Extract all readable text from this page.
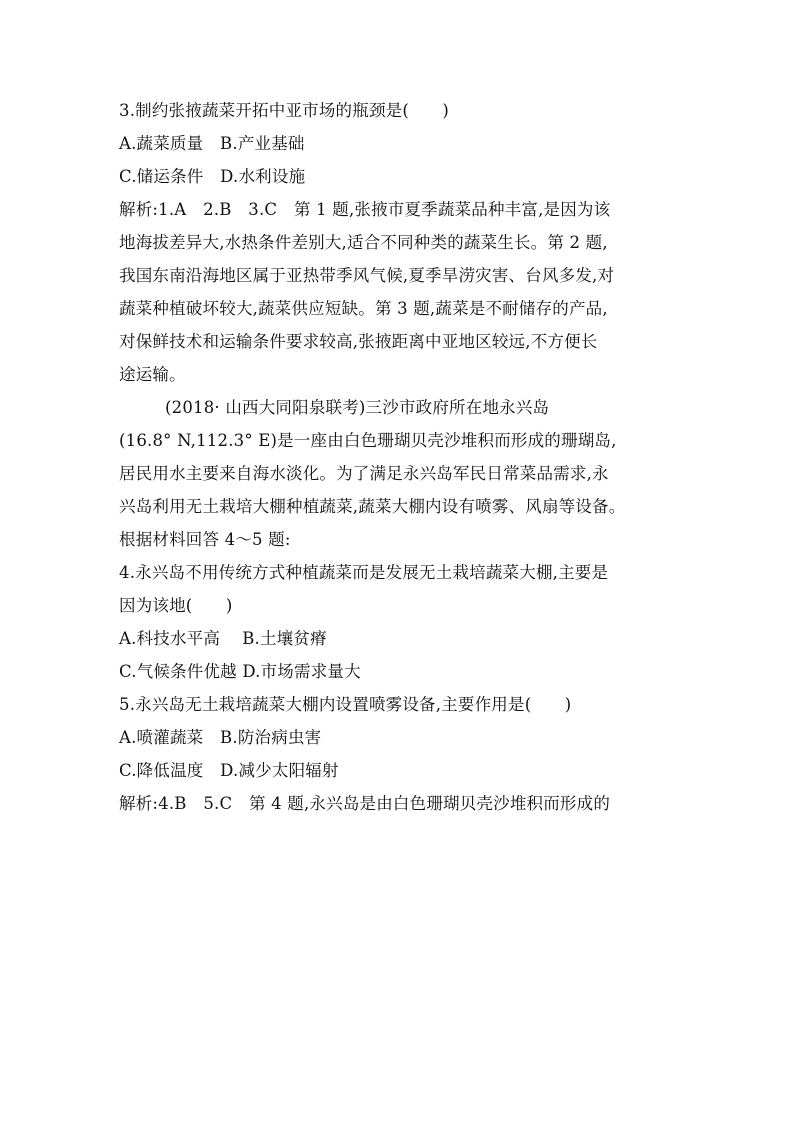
3.制约张掖蔬菜开拓中亚市场的瓶颈是(　　)

A.蔬菜质量　B.产业基础

C.储运条件　D.水利设施

解析:1.A　2.B　3.C　第 1 题,张掖市夏季蔬菜品种丰富,是因为该

地海拔差异大,水热条件差别大,适合不同种类的蔬菜生长。第 2 题,

我国东南沿海地区属于亚热带季风气候,夏季旱涝灾害、台风多发,对

蔬菜种植破坏较大,蔬菜供应短缺。第 3 题,蔬菜是不耐储存的产品,

对保鲜技术和运输条件要求较高,张掖距离中亚地区较远,不方便长

途运输。

(2018· 山西大同阳泉联考)三沙市政府所在地永兴岛

(16.8° N,112.3° E)是一座由白色珊瑚贝壳沙堆积而形成的珊瑚岛,

居民用水主要来自海水淡化。为了满足永兴岛军民日常菜品需求,永

兴岛利用无土栽培大棚种植蔬菜,蔬菜大棚内设有喷雾、风扇等设备。

根据材料回答 4～5 题:

4.永兴岛不用传统方式种植蔬菜而是发展无土栽培蔬菜大棚,主要是

因为该地(　　)

A.科技水平高　 B.土壤贫瘠

C.气候条件优越 D.市场需求量大

5.永兴岛无土栽培蔬菜大棚内设置喷雾设备,主要作用是(　　)

A.喷灌蔬菜　B.防治病虫害

C.降低温度　D.减少太阳辐射

解析:4.B　5.C　第 4 题,永兴岛是由白色珊瑚贝壳沙堆积而形成的
